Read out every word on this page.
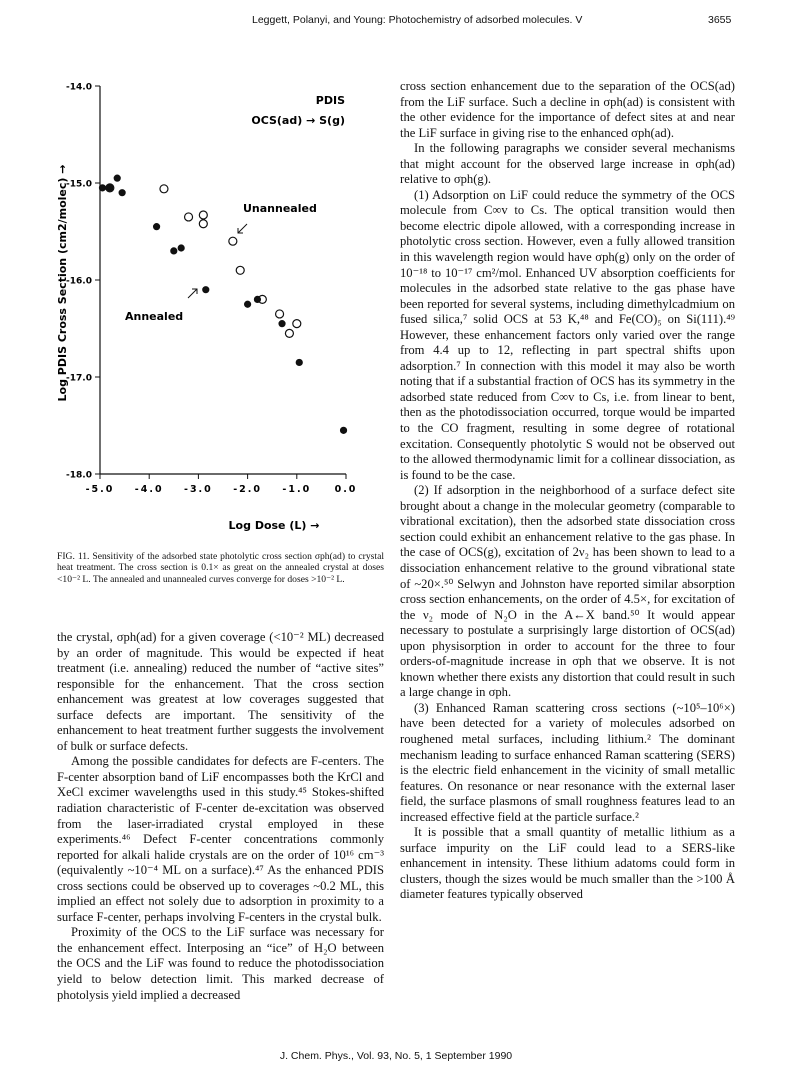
Leggett, Polanyi, and Young: Photochemistry of adsorbed molecules. V	3655
-5.0 -4.0 -3.0 -2.0 -1.0 0.0
-14.0
-15.0
-16.0
-17.0
-18.0
PDIS
OCS(ad) → S(g)
Unannealed
Annealed
Log Dose (L) →
Log PDIS Cross Section (cm2/molec) →
FIG. 11. Sensitivity of the adsorbed state photolytic cross section σph(ad) to crystal heat treatment. The cross section is 0.1× as great on the annealed crystal at doses <10⁻² L. The annealed and unannealed curves converge for doses >10⁻² L.

the crystal, σph(ad) for a given coverage (<10⁻² ML) decreased by an order of magnitude. This would be expected if heat treatment (i.e. annealing) reduced the number of “active sites” responsible for the enhancement. That the cross section enhancement was greatest at low coverages suggested that surface defects are important. The sensitivity of the enhancement to heat treatment further suggests the involvement of bulk or surface defects.

Among the possible candidates for defects are F-centers. The F-center absorption band of LiF encompasses both the KrCl and XeCl excimer wavelengths used in this study.⁴⁵ Stokes-shifted radiation characteristic of F-center de-excitation was observed from the laser-irradiated crystal employed in these experiments.⁴⁶ Defect F-center concentrations commonly reported for alkali halide crystals are on the order of 10¹⁶ cm⁻³ (equivalently ~10⁻⁴ ML on a surface).⁴⁷ As the enhanced PDIS cross sections could be observed up to coverages ~0.2 ML, this implied an effect not solely due to adsorption in proximity to a surface F-center, perhaps involving F-centers in the crystal bulk.

Proximity of the OCS to the LiF surface was necessary for the enhancement effect. Interposing an “ice” of H₂O between the OCS and the LiF was found to reduce the photodissociation yield to below detection limit. This marked decrease of photolysis yield implied a decreased

cross section enhancement due to the separation of the OCS(ad) from the LiF surface. Such a decline in σph(ad) is consistent with the other evidence for the importance of defect sites at and near the LiF surface in giving rise to the enhanced σph(ad).

In the following paragraphs we consider several mechanisms that might account for the observed large increase in σph(ad) relative to σph(g).

(1) Adsorption on LiF could reduce the symmetry of the OCS molecule from C∞v to Cs. The optical transition would then become electric dipole allowed, with a corresponding increase in photolytic cross section. However, even a fully allowed transition in this wavelength region would have σph(g) only on the order of 10⁻¹⁸ to 10⁻¹⁷ cm²/mol. Enhanced UV absorption coefficients for molecules in the adsorbed state relative to the gas phase have been reported for several systems, including dimethylcadmium on fused silica,⁷ solid OCS at 53 K,⁴⁸ and Fe(CO)₅ on Si(111).⁴⁹ However, these enhancement factors only varied over the range from 4.4 up to 12, reflecting in part spectral shifts upon adsorption.⁷ In connection with this model it may also be worth noting that if a substantial fraction of OCS has its symmetry in the adsorbed state reduced from C∞v to Cs, i.e. from linear to bent, then as the photodissociation occurred, torque would be imparted to the CO fragment, resulting in some degree of rotational excitation. Consequently photolytic S would not be observed out to the allowed thermodynamic limit for a collinear dissociation, as is found to be the case.

(2) If adsorption in the neighborhood of a surface defect site brought about a change in the molecular geometry (comparable to vibrational excitation), then the adsorbed state dissociation cross section could exhibit an enhancement relative to the gas phase. In the case of OCS(g), excitation of 2ν₂ has been shown to lead to a dissociation enhancement relative to the ground vibrational state of ~20×.⁵⁰ Selwyn and Johnston have reported similar absorption cross section enhancements, on the order of 4.5×, for excitation of the ν₂ mode of N₂O in the A←X band.⁵⁰ It would appear necessary to postulate a surprisingly large distortion of OCS(ad) upon physisorption in order to account for the three to four orders-of-magnitude increase in σph that we observe. It is not known whether there exists any distortion that could result in such a large change in σph.

(3) Enhanced Raman scattering cross sections (~10⁵–10⁶×) have been detected for a variety of molecules adsorbed on roughened metal surfaces, including lithium.² The dominant mechanism leading to surface enhanced Raman scattering (SERS) is the electric field enhancement in the vicinity of small metallic features. On resonance or near resonance with the external laser field, the surface plasmons of small roughness features lead to an increased effective field at the particle surface.²

It is possible that a small quantity of metallic lithium as a surface impurity on the LiF could lead to a SERS-like enhancement in intensity. These lithium adatoms could form in clusters, though the sizes would be much smaller than the >100 Å diameter features typically observed

J. Chem. Phys., Vol. 93, No. 5, 1 September 1990
